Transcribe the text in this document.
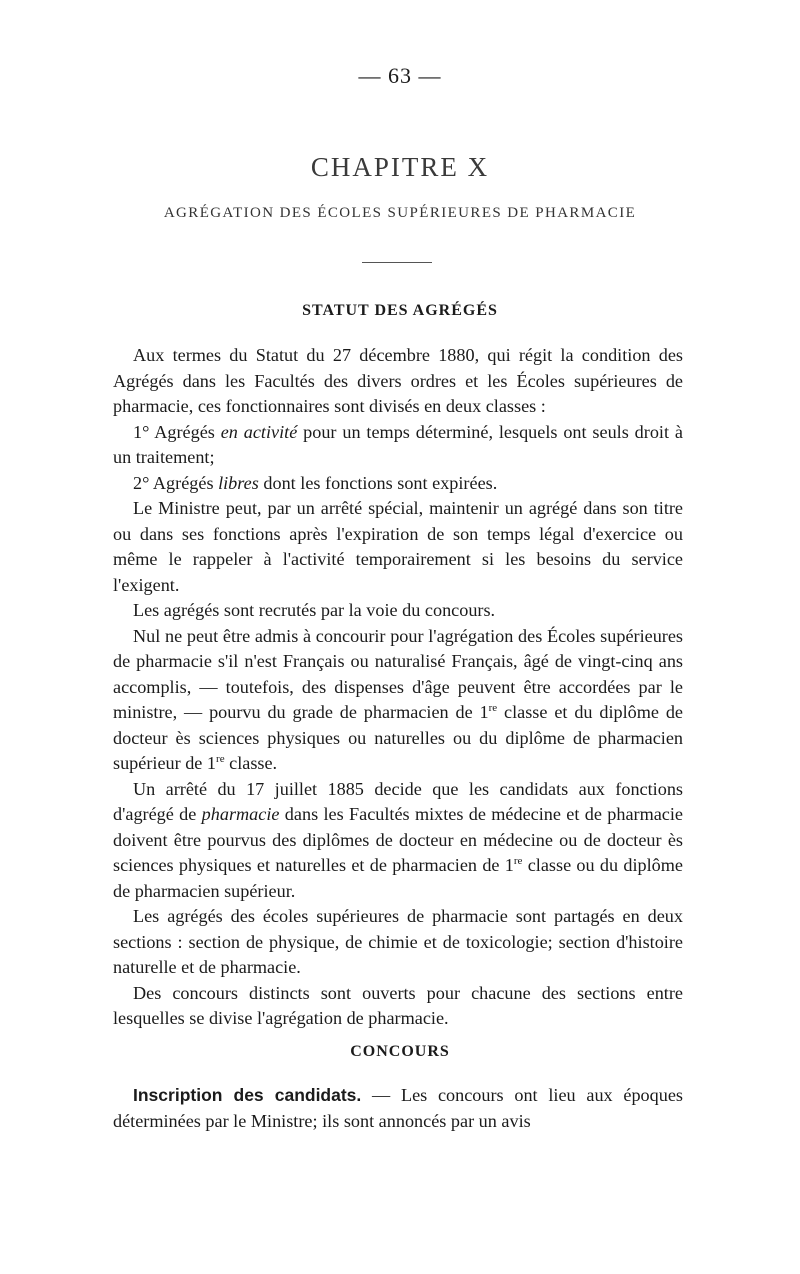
— 63 —
CHAPITRE X
AGRÉGATION DES ÉCOLES SUPÉRIEURES DE PHARMACIE
STATUT DES AGRÉGÉS

Aux termes du Statut du 27 décembre 1880, qui régit la condition des Agrégés dans les Facultés des divers ordres et les Écoles supérieures de pharmacie, ces fonctionnaires sont divisés en deux classes :

1° Agrégés en activité pour un temps déterminé, lesquels ont seuls droit à un traitement;

2° Agrégés libres dont les fonctions sont expirées.

Le Ministre peut, par un arrêté spécial, maintenir un agrégé dans son titre ou dans ses fonctions après l'expiration de son temps légal d'exercice ou même le rappeler à l'activité temporairement si les besoins du service l'exigent.

Les agrégés sont recrutés par la voie du concours.

Nul ne peut être admis à concourir pour l'agrégation des Écoles supérieures de pharmacie s'il n'est Français ou naturalisé Français, âgé de vingt-cinq ans accomplis, — toutefois, des dispenses d'âge peuvent être accordées par le ministre, — pourvu du grade de pharmacien de 1re classe et du diplôme de docteur ès sciences physiques ou naturelles ou du diplôme de pharmacien supérieur de 1re classe.

Un arrêté du 17 juillet 1885 decide que les candidats aux fonctions d'agrégé de pharmacie dans les Facultés mixtes de médecine et de pharmacie doivent être pourvus des diplômes de docteur en médecine ou de docteur ès sciences physiques et naturelles et de pharmacien de 1re classe ou du diplôme de pharmacien supérieur.

Les agrégés des écoles supérieures de pharmacie sont partagés en deux sections : section de physique, de chimie et de toxicologie; section d'histoire naturelle et de pharmacie.

Des concours distincts sont ouverts pour chacune des sections entre lesquelles se divise l'agrégation de pharmacie.

CONCOURS

Inscription des candidats. — Les concours ont lieu aux époques déterminées par le Ministre; ils sont annoncés par un avis
